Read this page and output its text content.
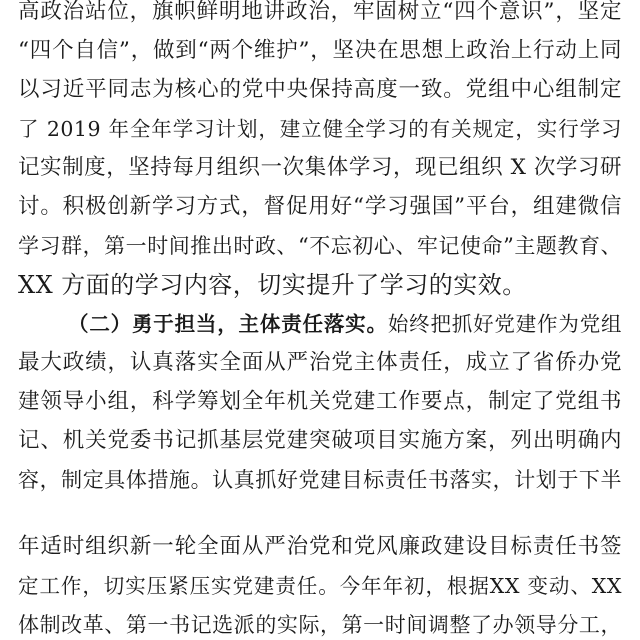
高政治站位，旗帜鲜明地讲政治，牢固树立“四个意识”，坚定
“四个自信”，做到“两个维护”，坚决在思想上政治上行动上同
以习近平同志为核心的党中央保持高度一致。党组中心组制定
了 2019 年全年学习计划，建立健全学习的有关规定，实行学习
记实制度，坚持每月组织一次集体学习，现已组织 X 次学习研
讨。积极创新学习方式，督促用好“学习强国”平台，组建微信
学习群，第一时间推出时政、“不忘初心、牢记使命”主题教育、
XX 方面的学习内容，切实提升了学习的实效。
（二）勇于担当，主体责任落实。始终把抓好党建作为党组
最大政绩，认真落实全面从严治党主体责任，成立了省侨办党
建领导小组，科学筹划全年机关党建工作要点，制定了党组书
记、机关党委书记抓基层党建突破项目实施方案，列出明确内
容，制定具体措施。认真抓好党建目标责任书落实，计划于下半
年适时组织新一轮全面从严治党和党风廉政建设目标责任书签
定工作，切实压紧压实党建责任。今年年初，根据XX 变动、XX
体制改革、第一书记选派的实际，第一时间调整了办领导分工，
